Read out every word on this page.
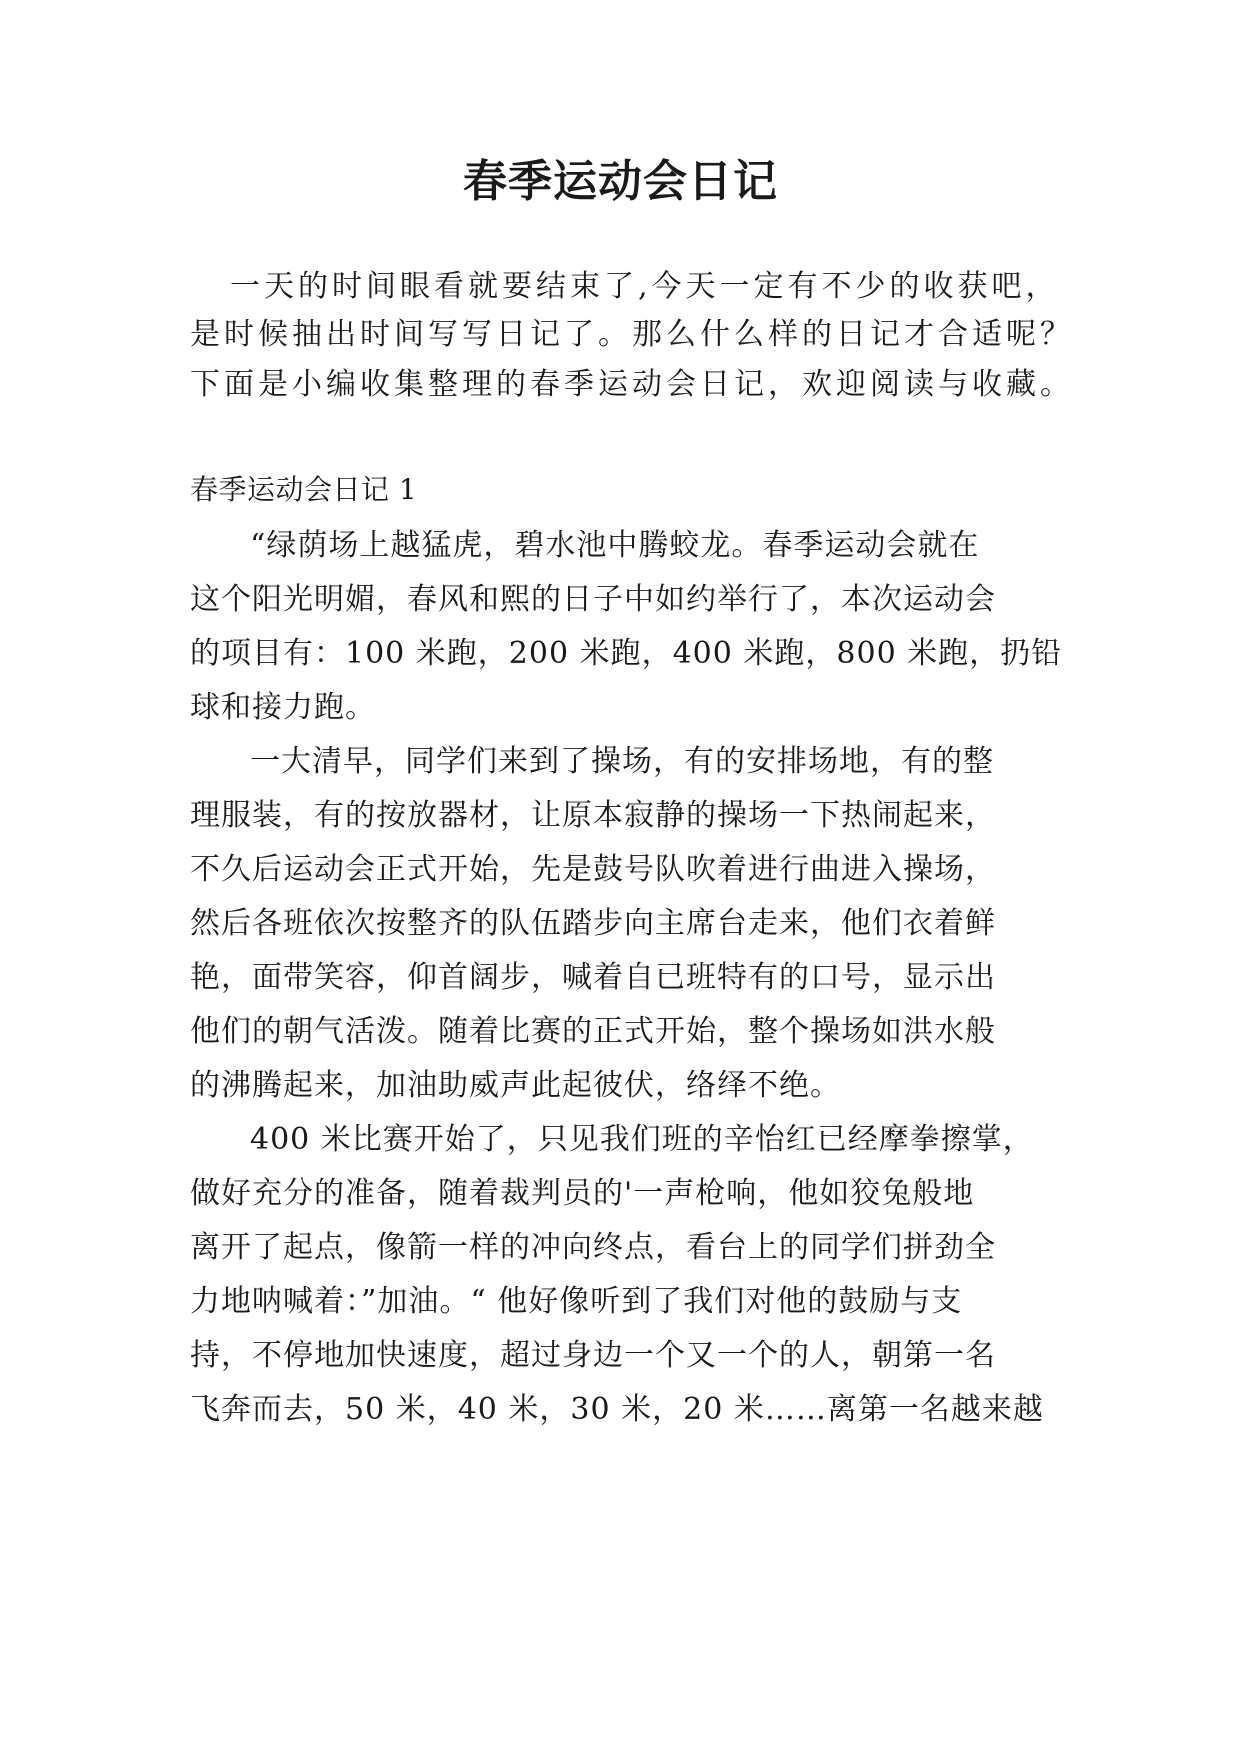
春季运动会日记
一天的时间眼看就要结束了,今天一定有不少的收获吧，
是时候抽出时间写写日记了。那么什么样的日记才合适呢？
下面是小编收集整理的春季运动会日记，欢迎阅读与收藏。
春季运动会日记 1
“绿荫场上越猛虎，碧水池中腾蛟龙。春季运动会就在
这个阳光明媚，春风和熙的日子中如约举行了，本次运动会
的项目有：100 米跑，200 米跑，400 米跑，800 米跑，扔铅
球和接力跑。
一大清早，同学们来到了操场，有的安排场地，有的整
理服装，有的按放器材，让原本寂静的操场一下热闹起来，
不久后运动会正式开始，先是鼓号队吹着进行曲进入操场，
然后各班依次按整齐的队伍踏步向主席台走来，他们衣着鲜
艳，面带笑容，仰首阔步，喊着自已班特有的口号，显示出
他们的朝气活泼。随着比赛的正式开始，整个操场如洪水般
的沸腾起来，加油助威声此起彼伏，络绎不绝。
400 米比赛开始了，只见我们班的辛怡红已经摩拳擦掌，
做好充分的准备，随着裁判员的'一声枪响，他如狡兔般地
离开了起点，像箭一样的冲向终点，看台上的同学们拼劲全
力地呐喊着：”加油。“ 他好像听到了我们对他的鼓励与支
持，不停地加快速度，超过身边一个又一个的人，朝第一名
飞奔而去，50 米，40 米，30 米，20 米……离第一名越来越
